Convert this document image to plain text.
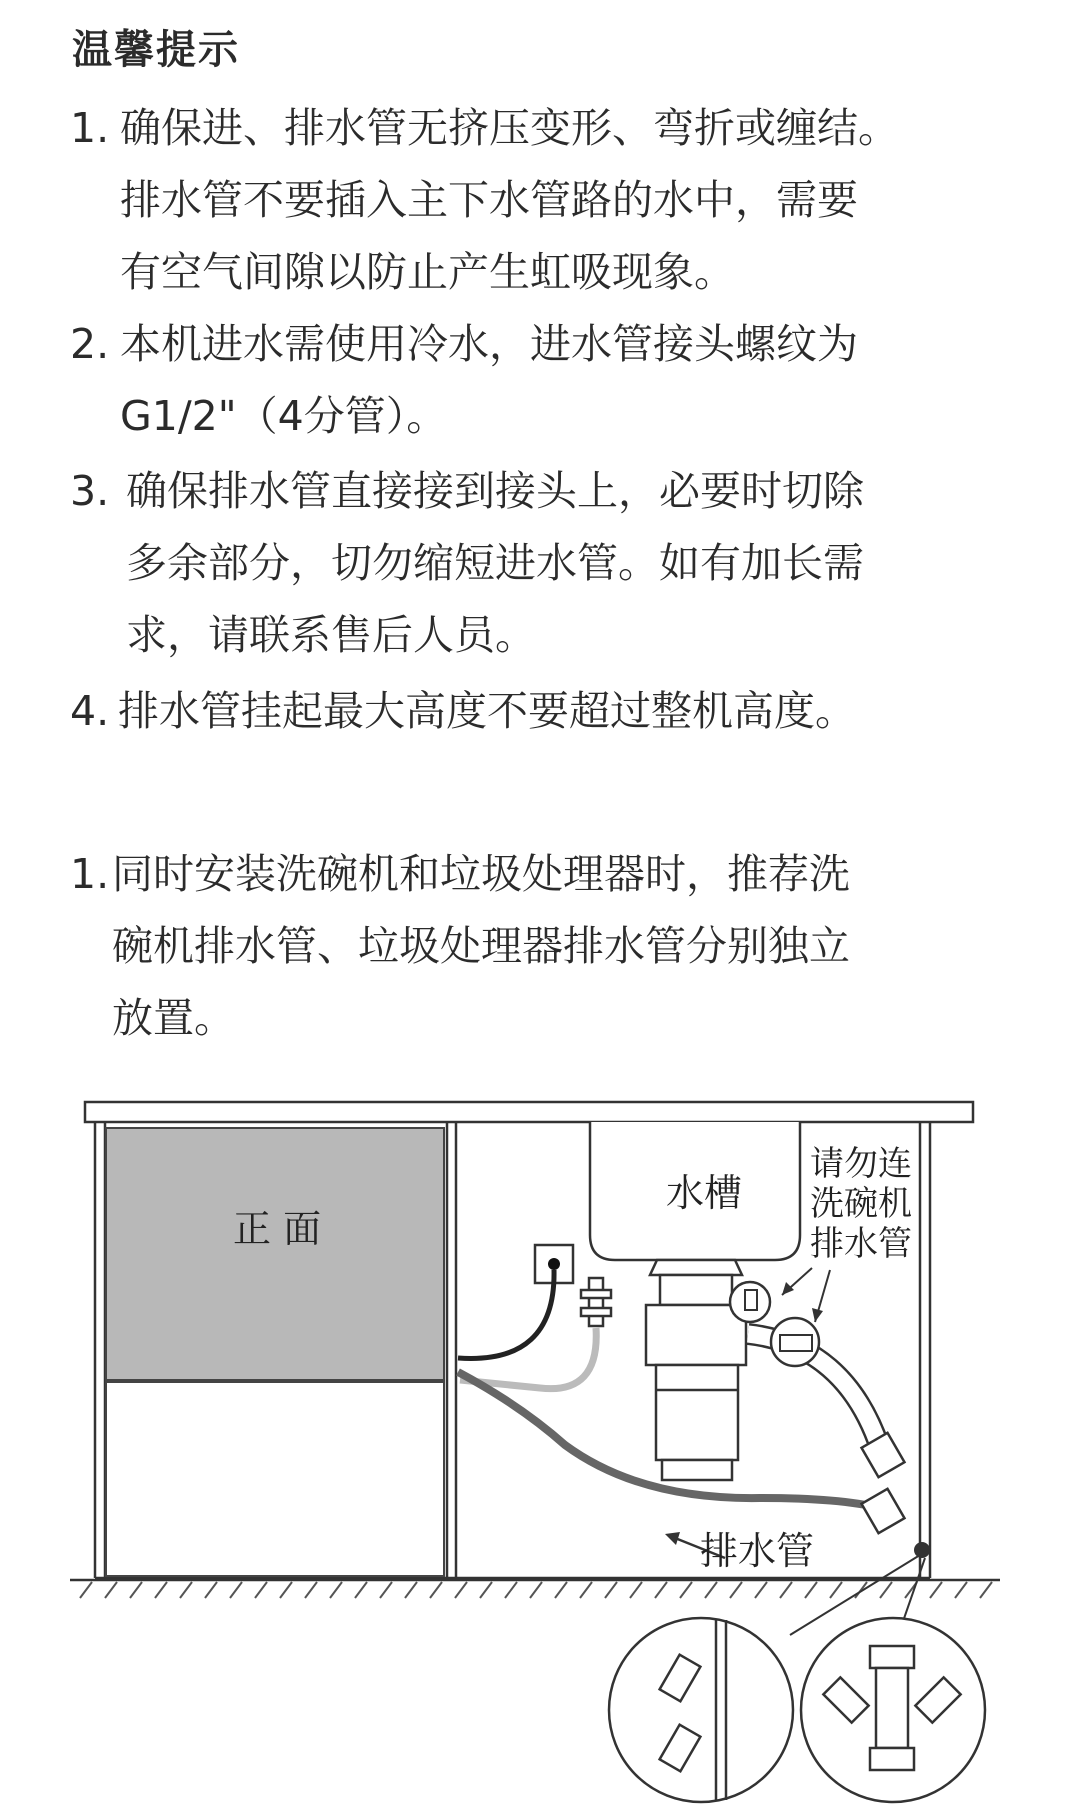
温馨提示
1. 确保进、排水管无挤压变形、弯折或缠结。
排水管不要插入主下水管路的水中，需要
有空气间隙以防止产生虹吸现象。
2. 本机进水需使用冷水，进水管接头螺纹为
G1/2"（4分管）。
3. 确保排水管直接接到接头上，必要时切除
多余部分，切勿缩短进水管。如有加长需
求，请联系售后人员。
4. 排水管挂起最大高度不要超过整机高度。
1. 同时安装洗碗机和垃圾处理器时，推荐洗
碗机排水管、垃圾处理器排水管分别独立
放置。
正 面
水槽
请勿连
洗碗机
排水管
排水管
